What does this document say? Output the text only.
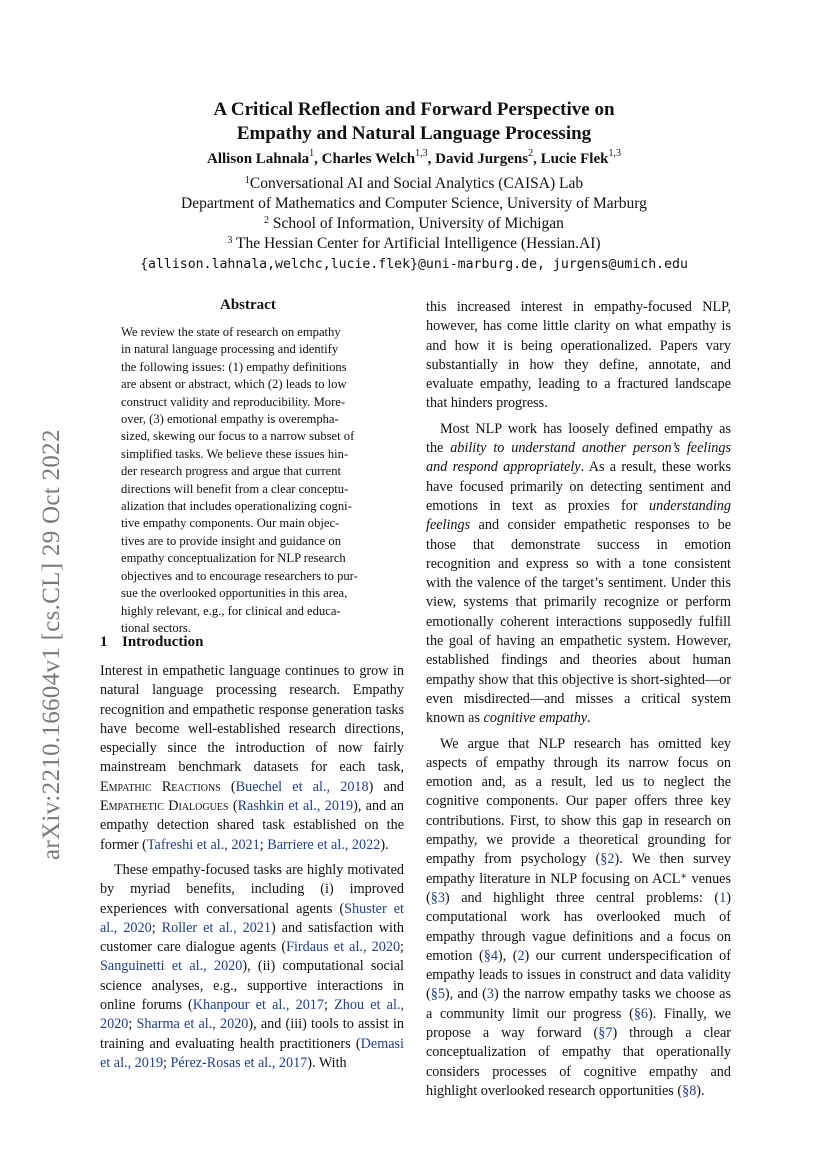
arXiv:2210.16604v1 [cs.CL] 29 Oct 2022
A Critical Reflection and Forward Perspective on
Empathy and Natural Language Processing
Allison Lahnala$^1$, Charles Welch$^{1,3}$, David Jurgens$^2$, Lucie Flek$^{1,3}$
$^1$Conversational AI and Social Analytics (CAISA) Lab
Department of Mathematics and Computer Science, University of Marburg
$^2$ School of Information, University of Michigan
$^3$ The Hessian Center for Artificial Intelligence (Hessian.AI)
{allison.lahnala,welchc,lucie.flek}@uni-marburg.de, jurgens@umich.edu
Abstract
We review the state of research on empathy
in natural language processing and identify
the following issues: (1) empathy definitions
are absent or abstract, which (2) leads to low
construct validity and reproducibility. More-
over, (3) emotional empathy is overempha-
sized, skewing our focus to a narrow subset of
simplified tasks. We believe these issues hin-
der research progress and argue that current
directions will benefit from a clear conceptu-
alization that includes operationalizing cogni-
tive empathy components. Our main objec-
tives are to provide insight and guidance on
empathy conceptualization for NLP research
objectives and to encourage researchers to pur-
sue the overlooked opportunities in this area,
highly relevant, e.g., for clinical and educa-
tional sectors.
1 Introduction

Interest in empathetic language continues to grow in natural language processing research. Empathy recognition and empathetic response generation tasks have become well-established research directions, especially since the introduction of now fairly mainstream benchmark datasets for each task, Empathic Reactions (Buechel et al., 2018) and Empathetic Dialogues (Rashkin et al., 2019), and an empathy detection shared task established on the former (Tafreshi et al., 2021; Barriere et al., 2022).

These empathy-focused tasks are highly motivated by myriad benefits, including (i) improved experiences with conversational agents (Shuster et al., 2020; Roller et al., 2021) and satisfaction with customer care dialogue agents (Firdaus et al., 2020; Sanguinetti et al., 2020), (ii) computational social science analyses, e.g., supportive interactions in online forums (Khanpour et al., 2017; Zhou et al., 2020; Sharma et al., 2020), and (iii) tools to assist in training and evaluating health practitioners (Demasi et al., 2019; Pérez-Rosas et al., 2017). With

this increased interest in empathy-focused NLP, however, has come little clarity on what empathy is and how it is being operationalized. Papers vary substantially in how they define, annotate, and evaluate empathy, leading to a fractured landscape that hinders progress.

Most NLP work has loosely defined empathy as the ability to understand another person’s feelings and respond appropriately. As a result, these works have focused primarily on detecting sentiment and emotions in text as proxies for understanding feelings and consider empathetic responses to be those that demonstrate success in emotion recognition and express so with a tone consistent with the valence of the target’s sentiment. Under this view, systems that primarily recognize or perform emotionally coherent interactions supposedly fulfill the goal of having an empathetic system. However, established findings and theories about human empathy show that this objective is short-sighted—or even misdirected—and misses a critical system known as cognitive empathy.

We argue that NLP research has omitted key aspects of empathy through its narrow focus on emotion and, as a result, led us to neglect the cognitive components. Our paper offers three key contributions. First, to show this gap in research on empathy, we provide a theoretical grounding for empathy from psychology (§2). We then survey empathy literature in NLP focusing on ACL∗ venues (§3) and highlight three central problems: (1) computational work has overlooked much of empathy through vague definitions and a focus on emotion (§4), (2) our current underspecification of empathy leads to issues in construct and data validity (§5), and (3) the narrow empathy tasks we choose as a community limit our progress (§6). Finally, we propose a way forward (§7) through a clear conceptualization of empathy that operationally considers processes of cognitive empathy and highlight overlooked research opportunities (§8).
